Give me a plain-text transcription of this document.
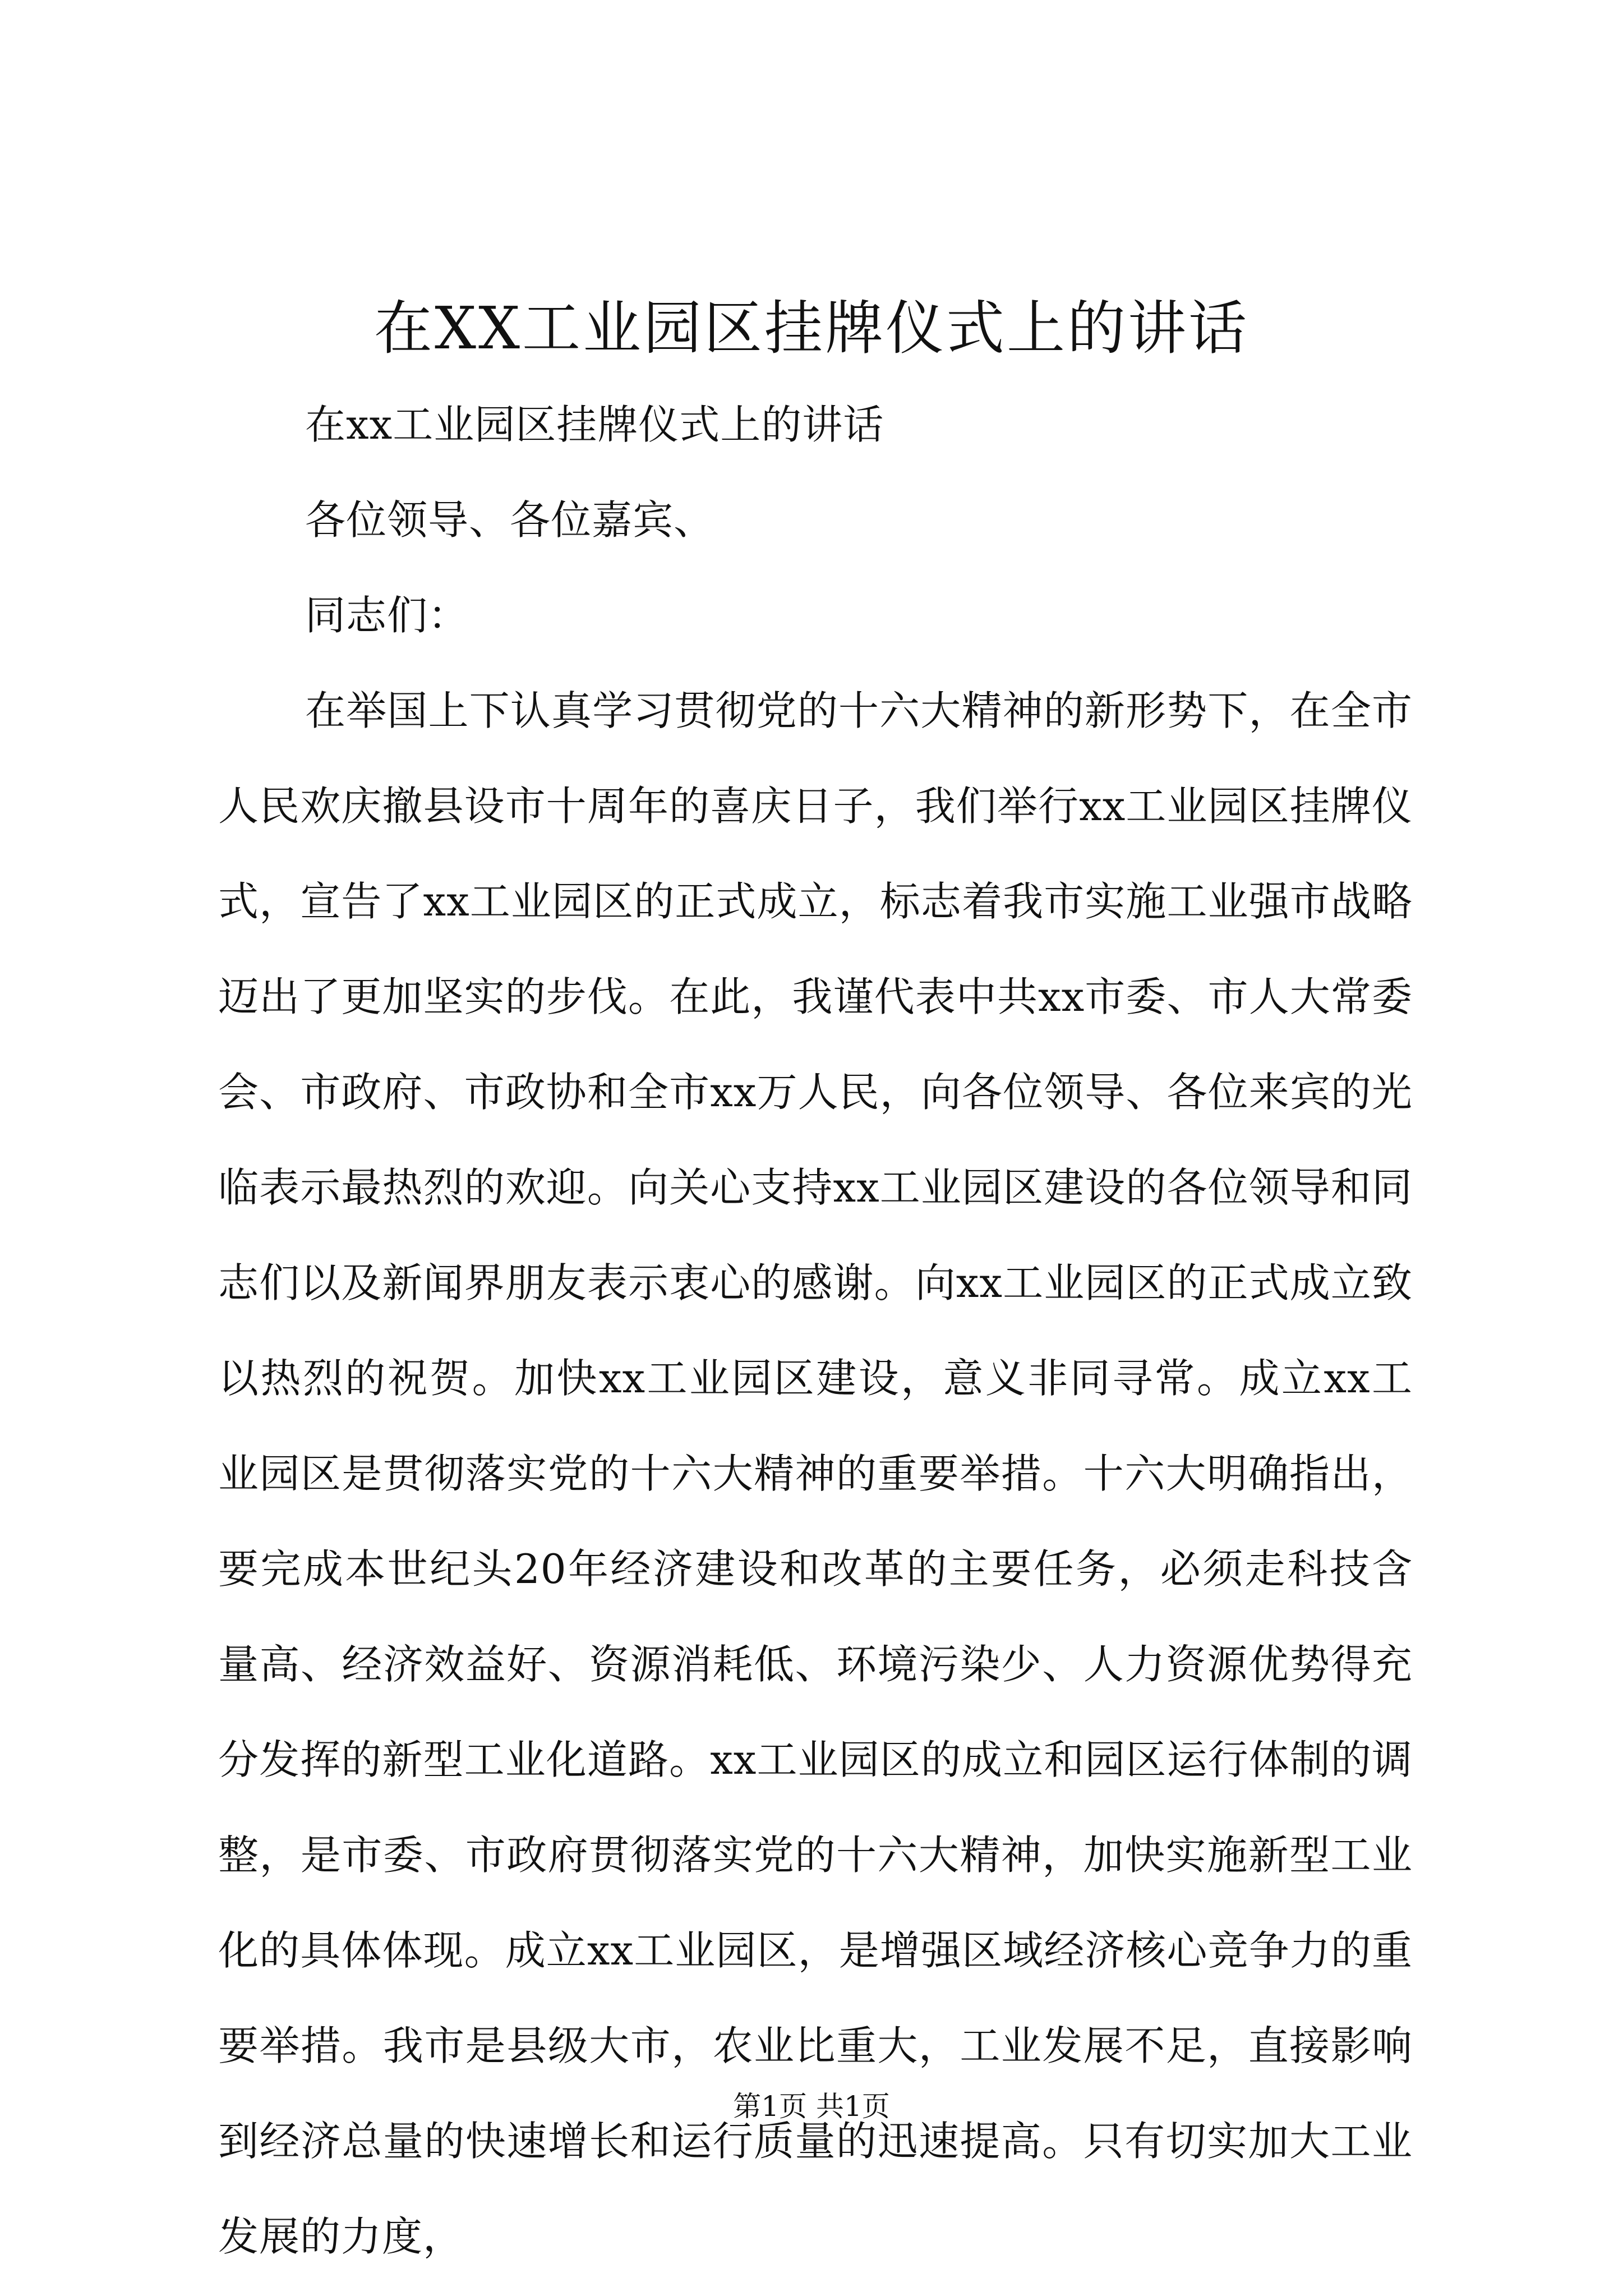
在XX工业园区挂牌仪式上的讲话

在xx工业园区挂牌仪式上的讲话

各位领导、各位嘉宾、

同志们：

在举国上下认真学习贯彻党的十六大精神的新形势下，在全市人民欢庆撤县设市十周年的喜庆日子，我们举行xx工业园区挂牌仪式，宣告了xx工业园区的正式成立，标志着我市实施工业强市战略迈出了更加坚实的步伐。在此，我谨代表中共xx市委、市人大常委会、市政府、市政协和全市xx万人民，向各位领导、各位来宾的光临表示最热烈的欢迎。向关心支持xx工业园区建设的各位领导和同志们以及新闻界朋友表示衷心的感谢。向xx工业园区的正式成立致以热烈的祝贺。加快xx工业园区建设，意义非同寻常。成立xx工业园区是贯彻落实党的十六大精神的重要举措。十六大明确指出，要完成本世纪头20年经济建设和改革的主要任务，必须走科技含量高、经济效益好、资源消耗低、环境污染少、人力资源优势得充分发挥的新型工业化道路。xx工业园区的成立和园区运行体制的调整，是市委、市政府贯彻落实党的十六大精神，加快实施新型工业化的具体体现。成立xx工业园区，是增强区域经济核心竞争力的重要举措。我市是县级大市，农业比重大，工业发展不足，直接影响到经济总量的快速增长和运行质量的迅速提高。只有切实加大工业发展的力度，

第1页 共1页
